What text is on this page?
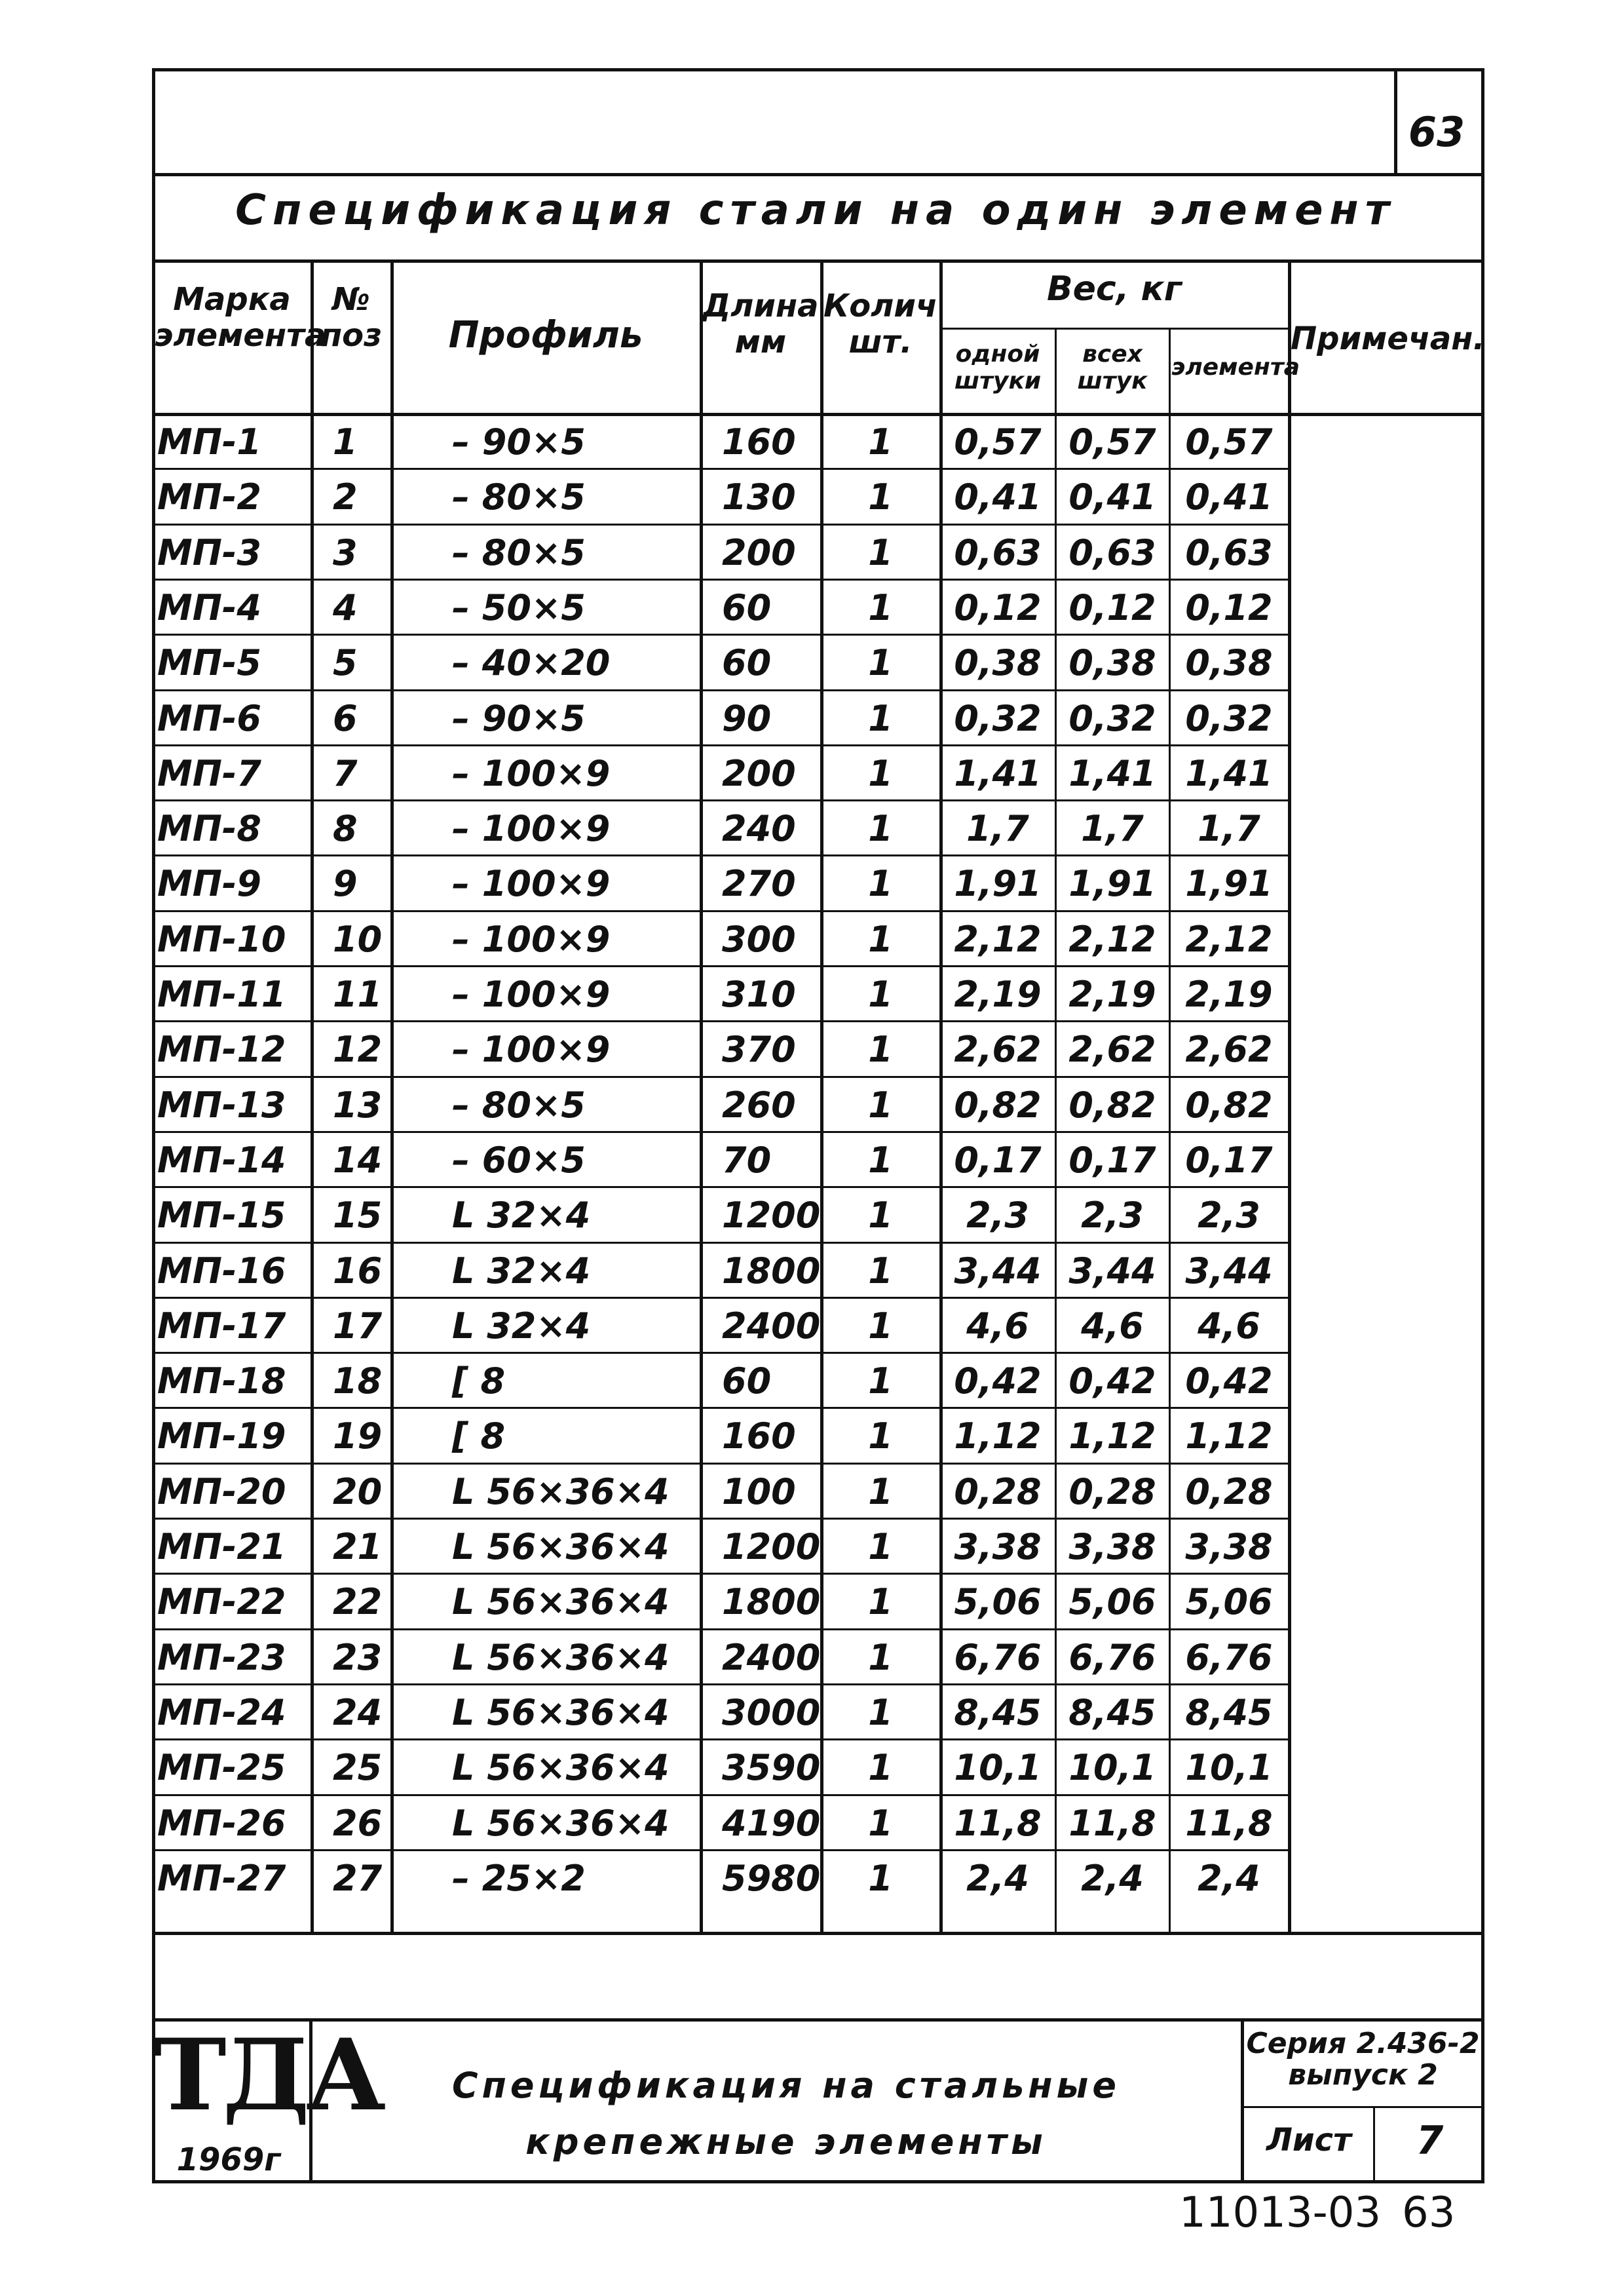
63
Спецификация стали на один элемент
Марка элемента
№ поз	Профиль
Длина мм
Колич шт.
Вес, кг
одной штуки
всех штук
элемента
Примечан.
МП-1	1	– 90×5	160	1	0,57 0,57 0,57
МП-2	2	– 80×5	130	1	0,41 0,41 0,41
МП-3	3	– 80×5	200	1	0,63 0,63 0,63
МП-4	4	– 50×5	60	1	0,12 0,12 0,12
МП-5	5	– 40×20	60	1	0,38 0,38 0,38
МП-6	6	– 90×5	90	1	0,32 0,32 0,32
МП-7	7	– 100×9	200	1	1,41 1,41 1,41
МП-8	8	– 100×9	240	1	1,7	1,7	1,7
МП-9	9	– 100×9	270	1	1,91 1,91 1,91
МП-10	10 – 100×9	300	1	2,12 2,12 2,12
МП-11	11 – 100×9	310	1	2,19 2,19 2,19
МП-12	12 – 100×9	370	1	2,62 2,62 2,62
МП-13	13 – 80×5	260	1	0,82 0,82 0,82
МП-14	14 – 60×5	70	1	0,17 0,17 0,17
МП-15	15 L 32×4	1200	1	2,3	2,3	2,3
МП-16	16 L 32×4	1800	1	3,44 3,44 3,44
МП-17	17 L 32×4	2400	1	4,6	4,6	4,6
МП-18	18 [ 8	60	1	0,42 0,42 0,42
МП-19	19 [ 8	160	1	1,12 1,12 1,12
МП-20	20 L 56×36×4	100	1	0,28 0,28 0,28
МП-21	21 L 56×36×4	1200	1	3,38 3,38 3,38
МП-22	22 L 56×36×4	1800	1	5,06 5,06 5,06
МП-23	23 L 56×36×4	2400	1	6,76 6,76 6,76
МП-24	24 L 56×36×4	3000	1	8,45 8,45 8,45
МП-25	25 L 56×36×4	3590	1	10,1 10,1 10,1
МП-26	26 L 56×36×4	4190	1	11,8 11,8 11,8
МП-27	27 – 25×2	5980	1	2,4	2,4	2,4
ТДА
1969г
Спецификация на стальные крепежные элементы
Серия 2.436-2
выпуск 2
Лист	7
11013-03 63
